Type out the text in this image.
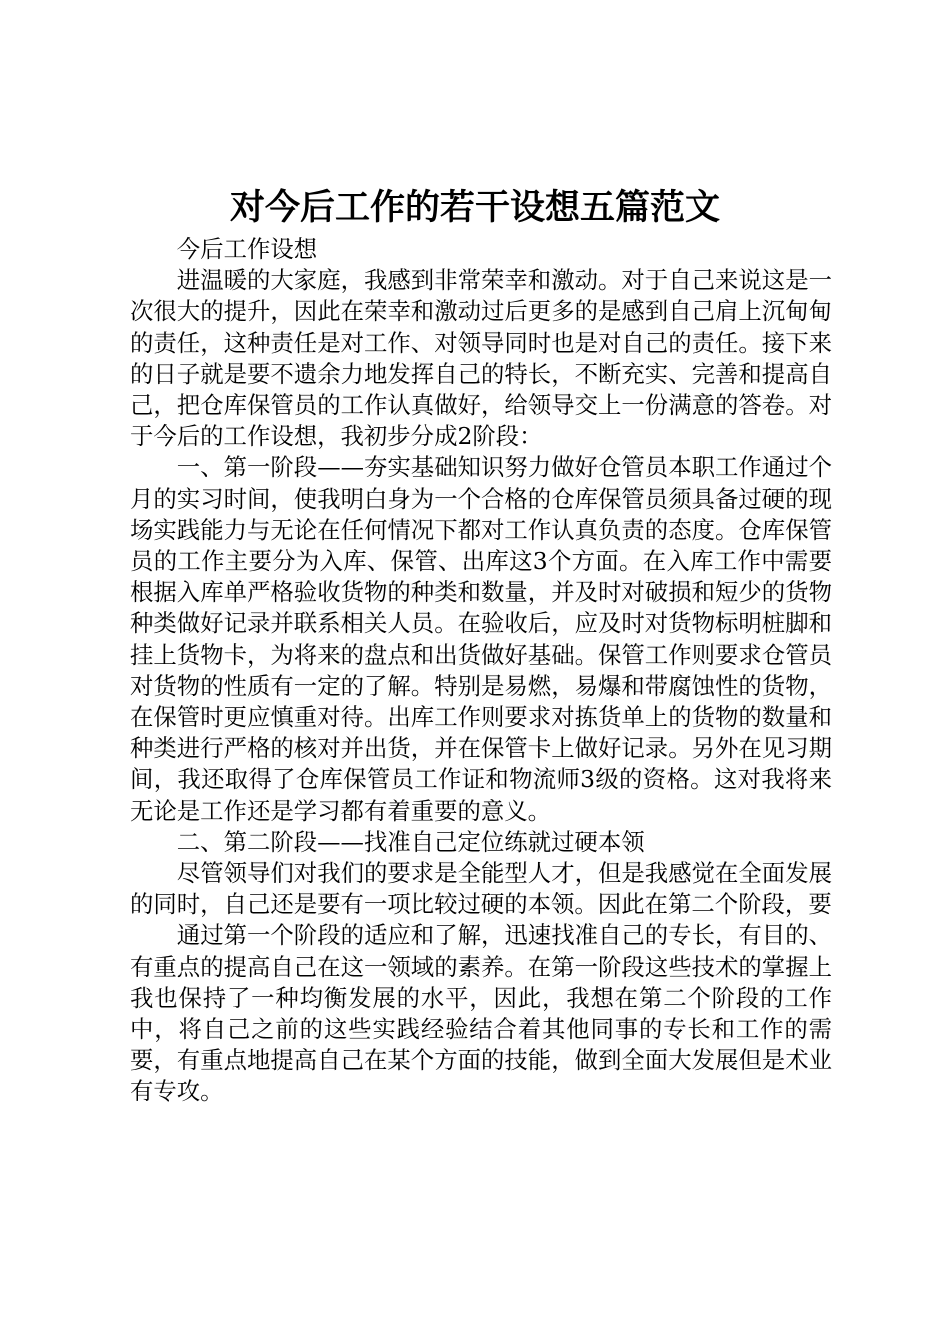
对今后工作的若干设想五篇范文

今后工作设想

进温暖的大家庭，我感到非常荣幸和激动。对于自己来说这是一次很大的提升，因此在荣幸和激动过后更多的是感到自己肩上沉甸甸的责任，这种责任是对工作、对领导同时也是对自己的责任。接下来的日子就是要不遗余力地发挥自己的特长，不断充实、完善和提高自己，把仓库保管员的工作认真做好，给领导交上一份满意的答卷。对于今后的工作设想，我初步分成2阶段：

一、第一阶段——夯实基础知识努力做好仓管员本职工作通过个月的实习时间，使我明白身为一个合格的仓库保管员须具备过硬的现场实践能力与无论在任何情况下都对工作认真负责的态度。仓库保管员的工作主要分为入库、保管、出库这3个方面。在入库工作中需要根据入库单严格验收货物的种类和数量，并及时对破损和短少的货物种类做好记录并联系相关人员。在验收后，应及时对货物标明桩脚和挂上货物卡，为将来的盘点和出货做好基础。保管工作则要求仓管员对货物的性质有一定的了解。特别是易燃，易爆和带腐蚀性的货物，在保管时更应慎重对待。出库工作则要求对拣货单上的货物的数量和种类进行严格的核对并出货，并在保管卡上做好记录。另外在见习期间，我还取得了仓库保管员工作证和物流师3级的资格。这对我将来无论是工作还是学习都有着重要的意义。

二、第二阶段——找准自己定位练就过硬本领

尽管领导们对我们的要求是全能型人才，但是我感觉在全面发展的同时，自己还是要有一项比较过硬的本领。因此在第二个阶段，要

通过第一个阶段的适应和了解，迅速找准自己的专长，有目的、有重点的提高自己在这一领域的素养。在第一阶段这些技术的掌握上我也保持了一种均衡发展的水平，因此，我想在第二个阶段的工作中，将自己之前的这些实践经验结合着其他同事的专长和工作的需要，有重点地提高自己在某个方面的技能，做到全面大发展但是术业有专攻。
